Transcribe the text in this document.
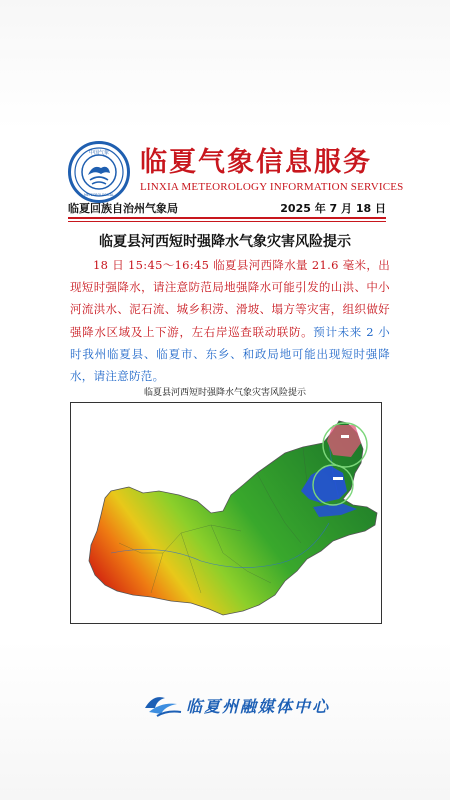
中国气象
METEOROLOGICAL
临夏气象信息服务
LINXIA METEOROLOGY INFORMATION SERVICES
临夏回族自治州气象局	2025 年 7 月 18 日
临夏县河西短时强降水气象灾害风险提示
18 日 15:45～16:45 临夏县河西降水量 21.6 毫米，出现短时强降水，请注意防范局地强降水可能引发的山洪、中小河流洪水、泥石流、城乡积涝、滑坡、塌方等灾害，组织做好强降水区域及上下游，左右岸巡查联动联防。预计未来 2 小时我州临夏县、临夏市、东乡、和政局地可能出现短时强降水，请注意防范。
临夏县河西短时强降水气象灾害风险提示
临夏州融媒体中心
